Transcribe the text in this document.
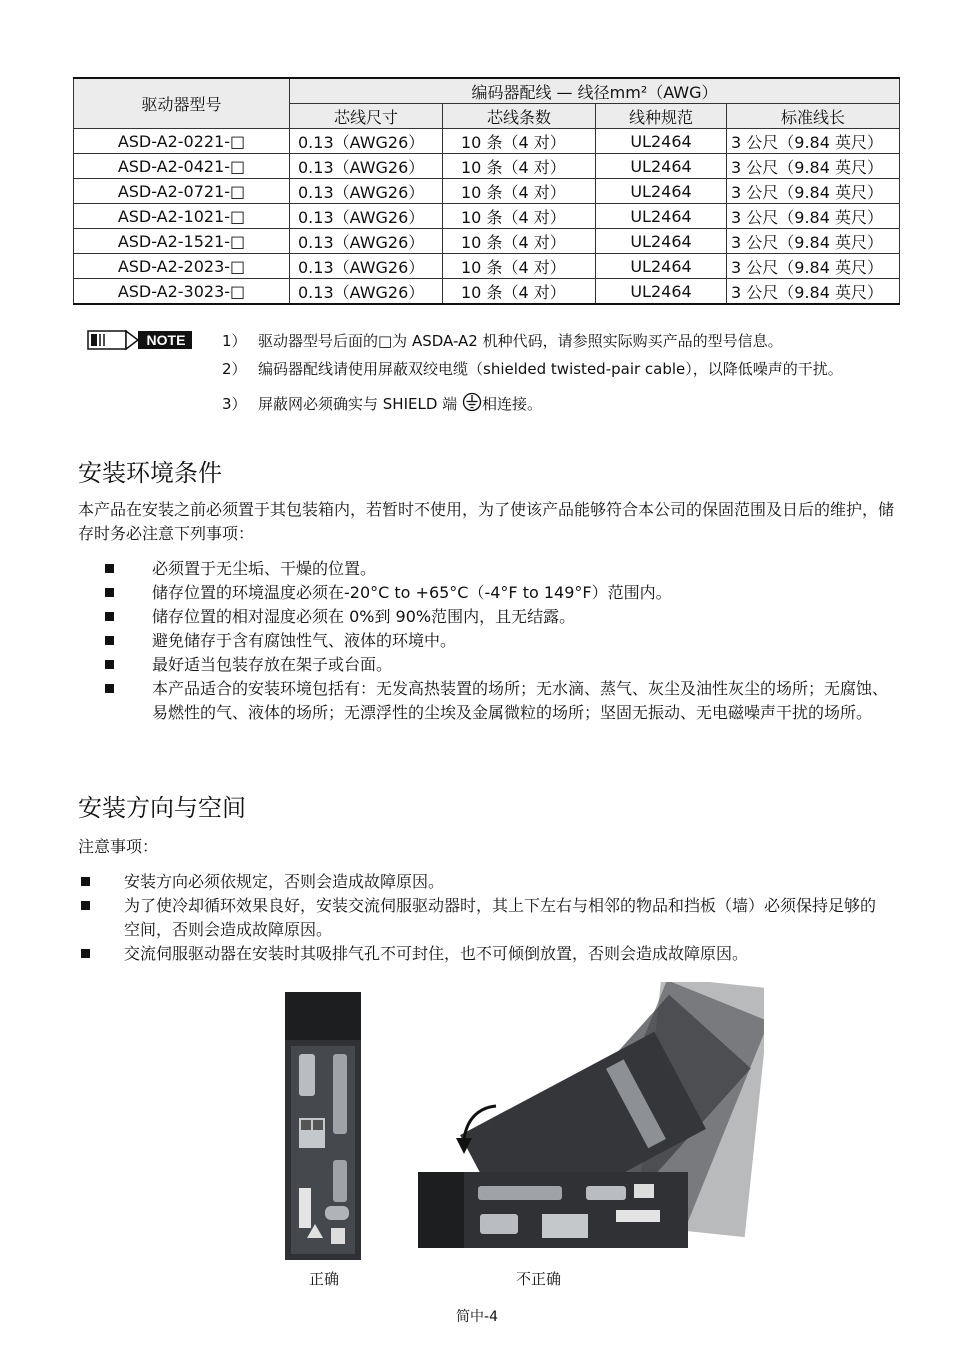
驱动器型号	编码器配线 — 线径mm²（AWG）			
	芯线尺寸	芯线条数	线种规范	标准线长
ASD-A2-0221-□	0.13（AWG26）	10 条（4 对）	UL2464	3 公尺（9.84 英尺）
ASD-A2-0421-□	0.13（AWG26）	10 条（4 对）	UL2464	3 公尺（9.84 英尺）
ASD-A2-0721-□	0.13（AWG26）	10 条（4 对）	UL2464	3 公尺（9.84 英尺）
ASD-A2-1021-□	0.13（AWG26）	10 条（4 对）	UL2464	3 公尺（9.84 英尺）
ASD-A2-1521-□	0.13（AWG26）	10 条（4 对）	UL2464	3 公尺（9.84 英尺）
ASD-A2-2023-□	0.13（AWG26）	10 条（4 对）	UL2464	3 公尺（9.84 英尺）
ASD-A2-3023-□	0.13（AWG26）	10 条（4 对）	UL2464	3 公尺（9.84 英尺）
NOTE	1） 驱动器型号后面的□为 ASDA-A2 机种代码，请参照实际购买产品的型号信息。
2） 编码器配线请使用屏蔽双绞电缆（shielded twisted-pair cable），以降低噪声的干扰。
3） 屏蔽网必须确实与 SHIELD 端 相连接。
安装环境条件
本产品在安装之前必须置于其包装箱内，若暂时不使用，为了使该产品能够符合本公司的保固范围及日后的维护，储存时务必注意下列事项：
必须置于无尘垢、干燥的位置。
储存位置的环境温度必须在-20°C to +65°C（-4°F to 149°F）范围内。
储存位置的相对湿度必须在 0%到 90%范围内，且无结露。
避免储存于含有腐蚀性气、液体的环境中。
最好适当包装存放在架子或台面。
本产品适合的安装环境包括有：无发高热装置的场所；无水滴、蒸气、灰尘及油性灰尘的场所；无腐蚀、易燃性的气、液体的场所；无漂浮性的尘埃及金属微粒的场所；坚固无振动、无电磁噪声干扰的场所。
安装方向与空间
注意事项：
安装方向必须依规定，否则会造成故障原因。
为了使冷却循环效果良好，安装交流伺服驱动器时，其上下左右与相邻的物品和挡板（墙）必须保持足够的空间，否则会造成故障原因。
交流伺服驱动器在安装时其吸排气孔不可封住，也不可倾倒放置，否则会造成故障原因。
正确	不正确
简中-4
